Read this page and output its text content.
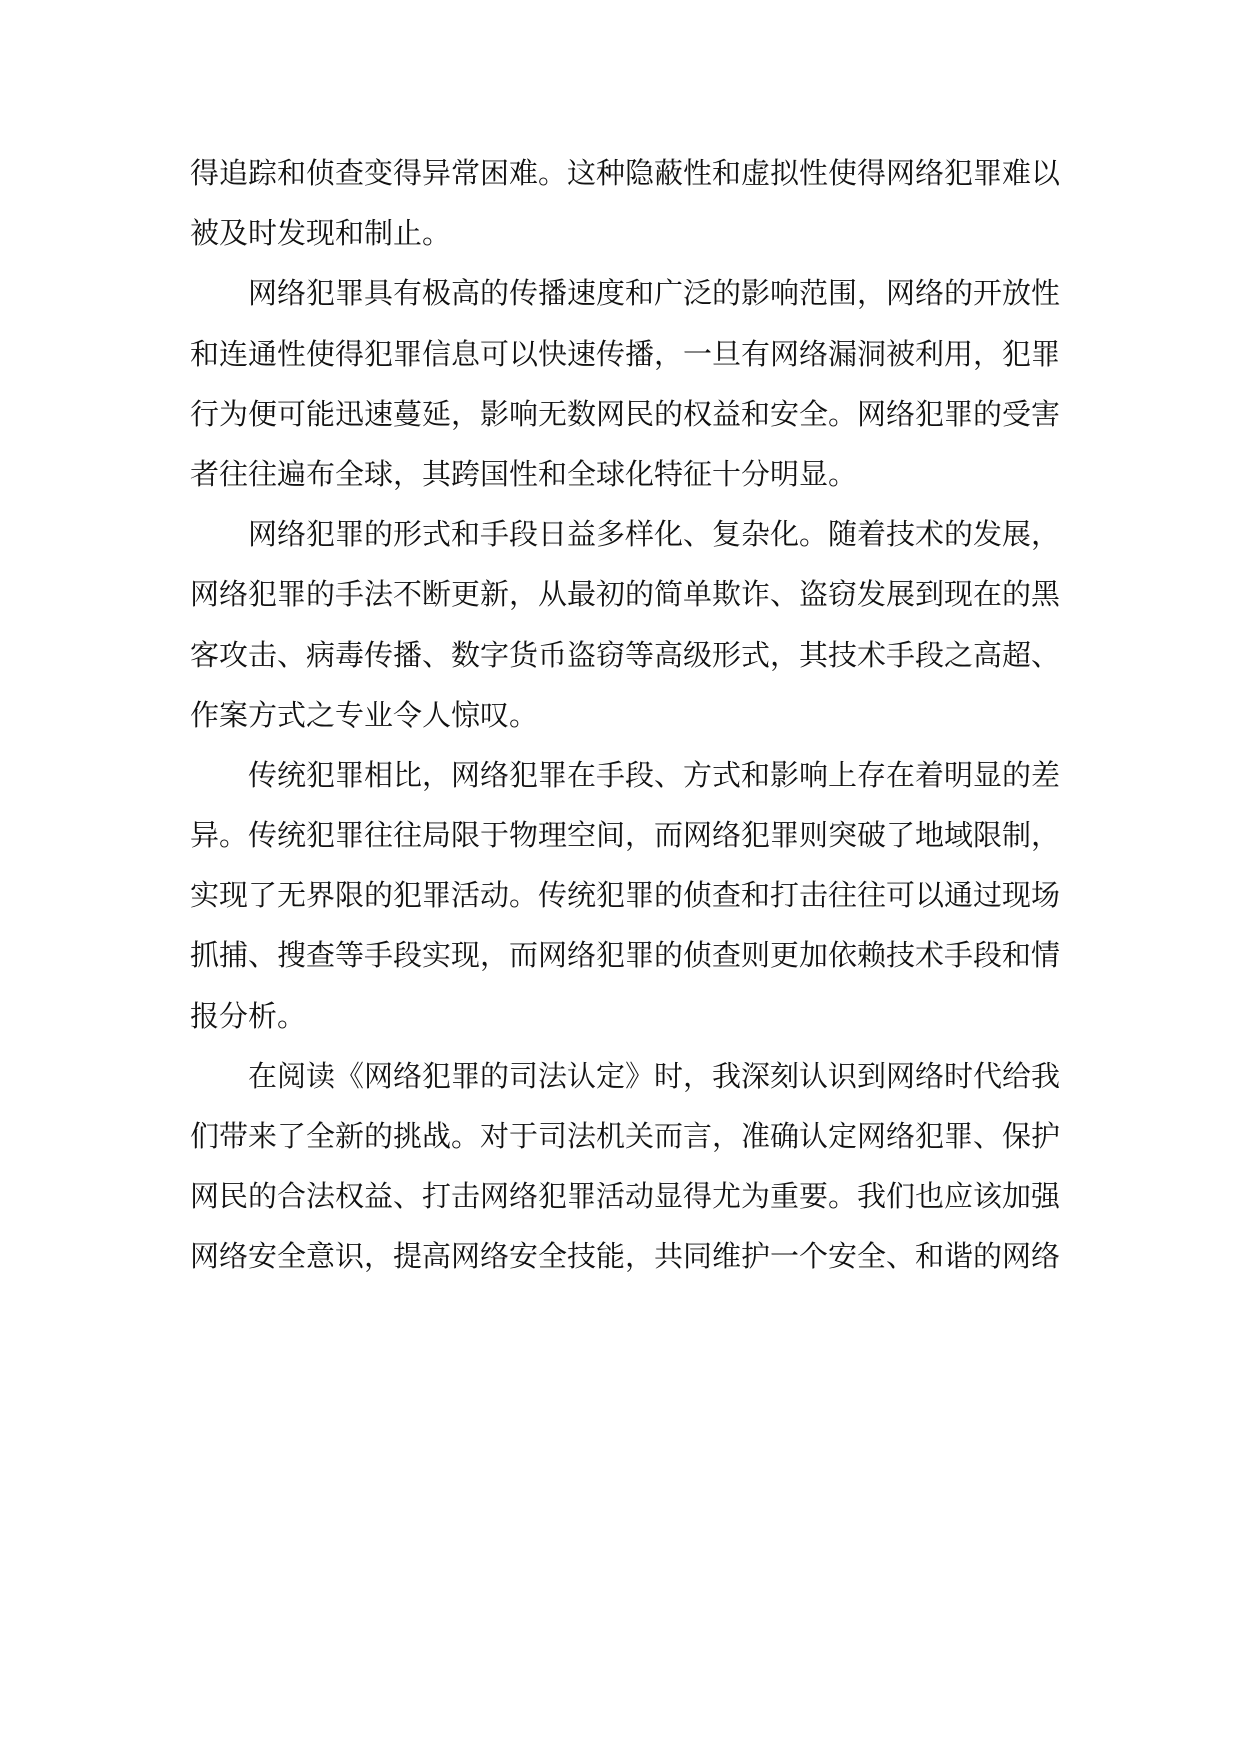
得追踪和侦查变得异常困难。这种隐蔽性和虚拟性使得网络犯罪难以
被及时发现和制止。
网络犯罪具有极高的传播速度和广泛的影响范围，网络的开放性
和连通性使得犯罪信息可以快速传播，一旦有网络漏洞被利用，犯罪
行为便可能迅速蔓延，影响无数网民的权益和安全。网络犯罪的受害
者往往遍布全球，其跨国性和全球化特征十分明显。
网络犯罪的形式和手段日益多样化、复杂化。随着技术的发展，
网络犯罪的手法不断更新，从最初的简单欺诈、盗窃发展到现在的黑
客攻击、病毒传播、数字货币盗窃等高级形式，其技术手段之高超、
作案方式之专业令人惊叹。
传统犯罪相比，网络犯罪在手段、方式和影响上存在着明显的差
异。传统犯罪往往局限于物理空间，而网络犯罪则突破了地域限制，
实现了无界限的犯罪活动。传统犯罪的侦查和打击往往可以通过现场
抓捕、搜查等手段实现，而网络犯罪的侦查则更加依赖技术手段和情
报分析。
在阅读《网络犯罪的司法认定》时，我深刻认识到网络时代给我
们带来了全新的挑战。对于司法机关而言，准确认定网络犯罪、保护
网民的合法权益、打击网络犯罪活动显得尤为重要。我们也应该加强
网络安全意识，提高网络安全技能，共同维护一个安全、和谐的网络
